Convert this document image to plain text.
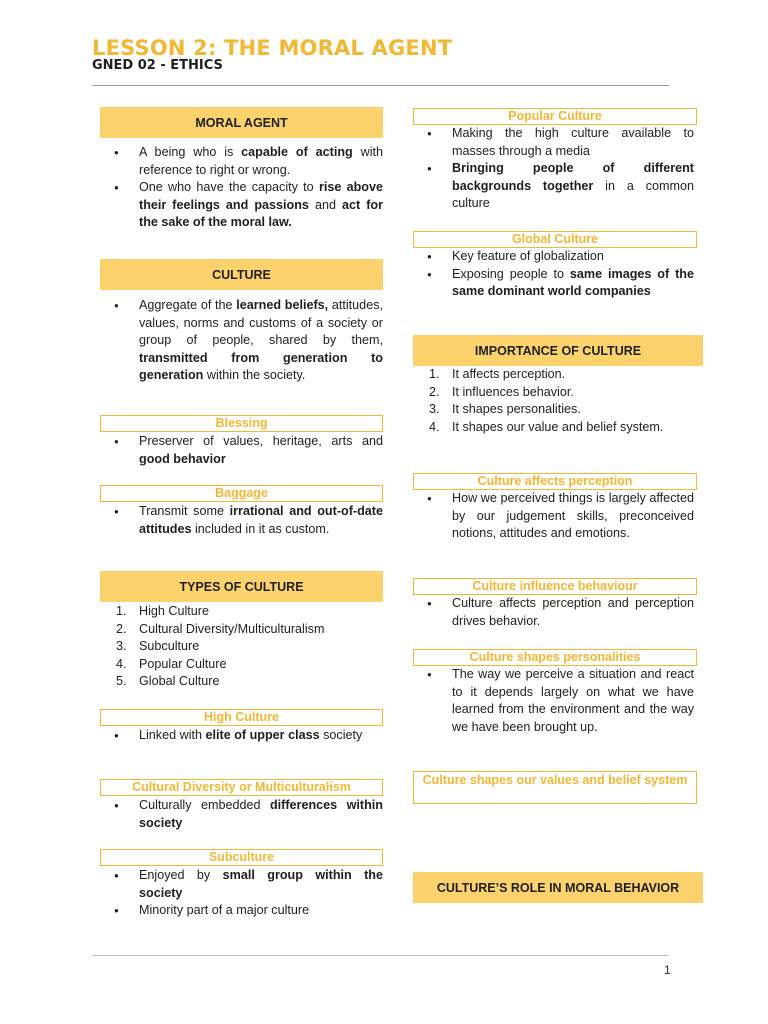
LESSON 2: THE MORAL AGENT
GNED 02 - ETHICS
MORAL AGENT
● A being who is capable of acting with reference to right or wrong.
● One who have the capacity to rise above their feelings and passions and act for the sake of the moral law.
CULTURE
● Aggregate of the learned beliefs, attitudes, values, norms and customs of a society or group of people, shared by them, transmitted from generation to generation within the society.
Blessing
● Preserver of values, heritage, arts and good behavior
Baggage
● Transmit some irrational and out-of-date attitudes included in it as custom.
TYPES OF CULTURE
1. High Culture
2. Cultural Diversity/Multiculturalism
3. Subculture
4. Popular Culture
5. Global Culture
High Culture
● Linked with elite of upper class society
Cultural Diversity or Multiculturalism
● Culturally embedded differences within society
Subculture
● Enjoyed by small group within the society
● Minority part of a major culture
Popular Culture
● Making the high culture available to masses through a media
● Bringing people of different backgrounds together in a common culture
Global Culture
● Key feature of globalization
● Exposing people to same images of the same dominant world companies
IMPORTANCE OF CULTURE
1. It affects perception.
2. It influences behavior.
3. It shapes personalities.
4. It shapes our value and belief system.
Culture affects perception
● How we perceived things is largely affected by our judgement skills, preconceived notions, attitudes and emotions.
Culture influence behaviour
● Culture affects perception and perception drives behavior.
Culture shapes personalities
● The way we perceive a situation and react to it depends largely on what we have learned from the environment and the way we have been brought up.
Culture shapes our values and belief system
CULTURE’S ROLE IN MORAL BEHAVIOR
1
